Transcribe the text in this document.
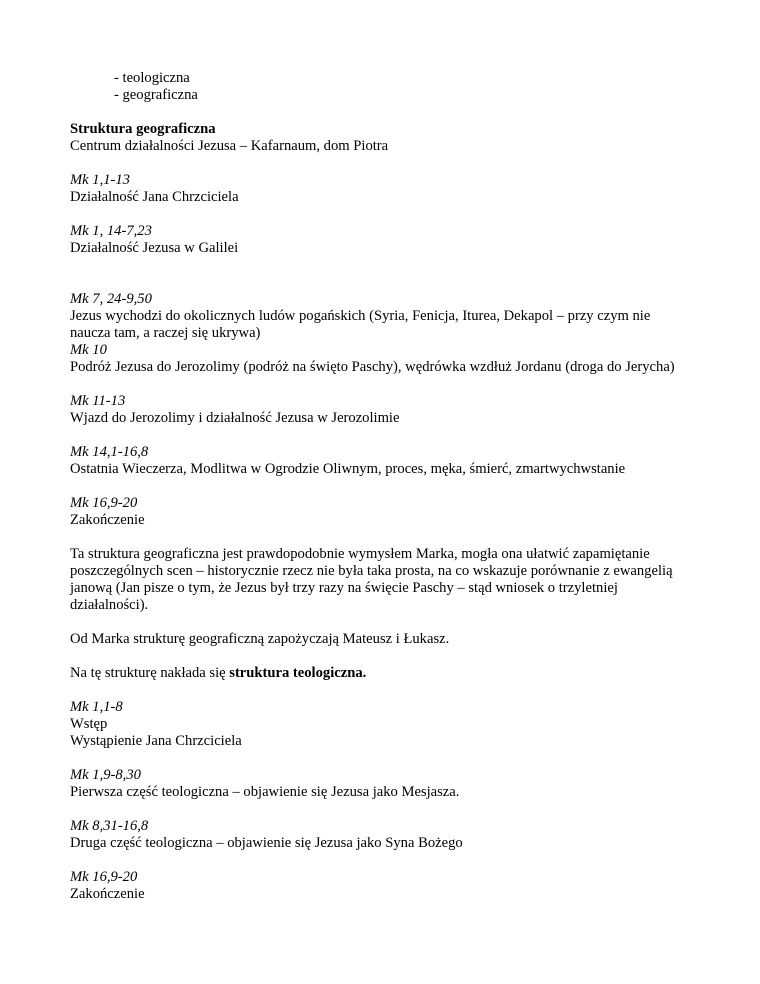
- teologiczna

- geograficzna

Struktura geograficzna

Centrum działalności Jezusa – Kafarnaum, dom Piotra

Mk 1,1-13

Działalność Jana Chrzciciela

Mk 1, 14-7,23

Działalność Jezusa w Galilei

Mk 7, 24-9,50

Jezus wychodzi do okolicznych ludów pogańskich (Syria, Fenicja, Iturea, Dekapol – przy czym nie naucza tam, a raczej się ukrywa)

Mk 10

Podróż Jezusa do Jerozolimy (podróż na święto Paschy), wędrówka wzdłuż Jordanu (droga do Jerycha)

Mk 11-13

Wjazd do Jerozolimy i działalność Jezusa w Jerozolimie

Mk 14,1-16,8

Ostatnia Wieczerza, Modlitwa w Ogrodzie Oliwnym, proces, męka, śmierć, zmartwychwstanie

Mk 16,9-20

Zakończenie

Ta struktura geograficzna jest prawdopodobnie wymysłem Marka, mogła ona ułatwić zapamiętanie poszczególnych scen – historycznie rzecz nie była taka prosta, na co wskazuje porównanie z ewangelią janową (Jan pisze o tym, że Jezus był trzy razy na święcie Paschy – stąd wniosek o trzyletniej działalności).

Od Marka strukturę geograficzną zapożyczają Mateusz i Łukasz.

Na tę strukturę nakłada się struktura teologiczna.

Mk 1,1-8

Wstęp

Wystąpienie Jana Chrzciciela

Mk 1,9-8,30

Pierwsza część teologiczna – objawienie się Jezusa jako Mesjasza.

Mk 8,31-16,8

Druga część teologiczna – objawienie się Jezusa jako Syna Bożego

Mk 16,9-20

Zakończenie
